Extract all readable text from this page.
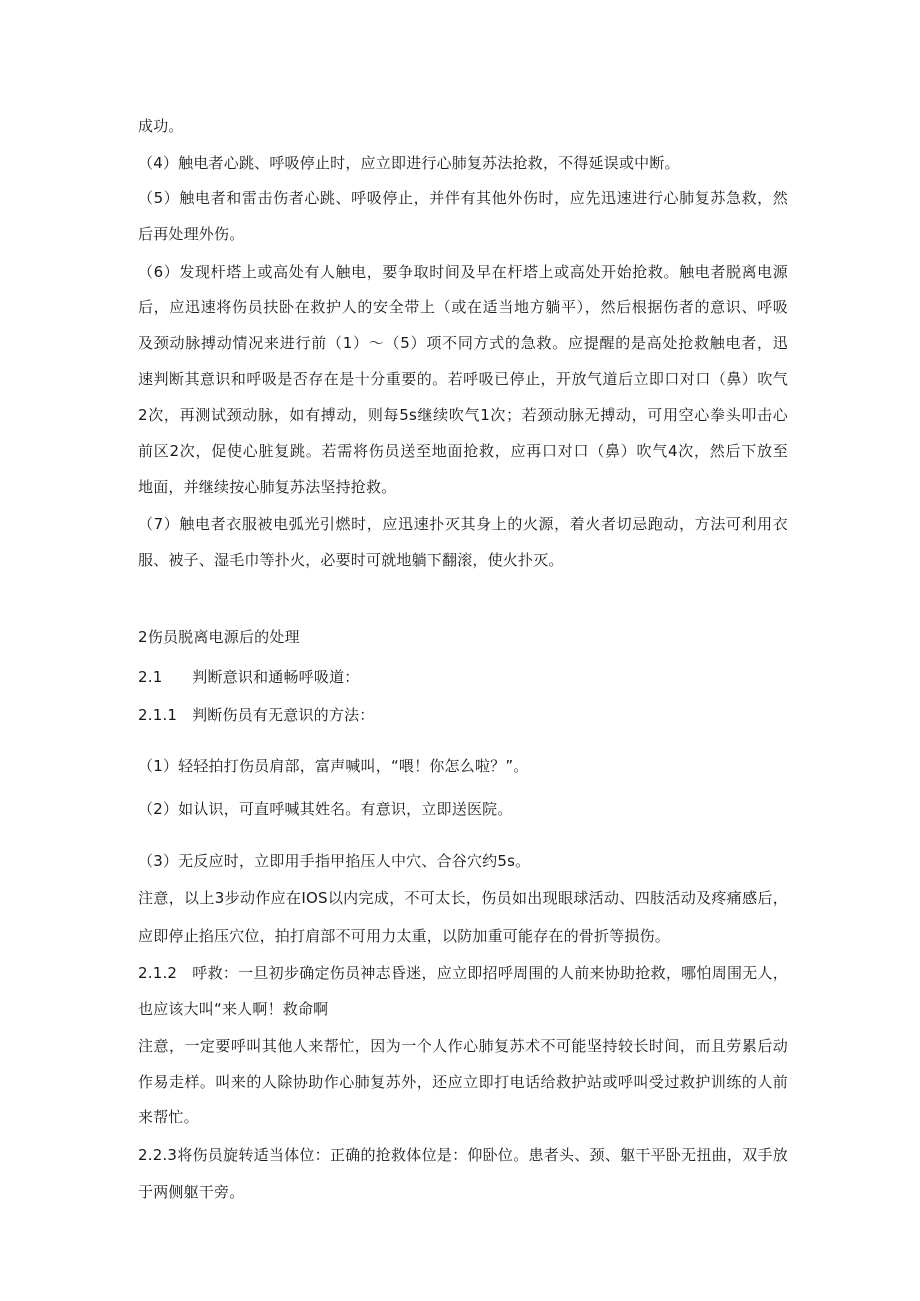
成功。
（4）触电者心跳、呼吸停止时，应立即进行心肺复苏法抢救，不得延误或中断。
（5）触电者和雷击伤者心跳、呼吸停止，并伴有其他外伤时，应先迅速进行心肺复苏急救，然
后再处理外伤。
（6）发现杆塔上或高处有人触电，要争取时间及早在杆塔上或高处开始抢救。触电者脱离电源
后，应迅速将伤员扶卧在救护人的安全带上（或在适当地方躺平），然后根据伤者的意识、呼吸
及颈动脉搏动情况来进行前（1）～（5）项不同方式的急救。应提醒的是高处抢救触电者，迅
速判断其意识和呼吸是否存在是十分重要的。若呼吸已停止，开放气道后立即口对口（鼻）吹气
2次，再测试颈动脉，如有搏动，则每5s继续吹气1次；若颈动脉无搏动，可用空心拳头叩击心
前区2次，促使心脏复跳。若需将伤员送至地面抢救，应再口对口（鼻）吹气4次，然后下放至
地面，并继续按心肺复苏法坚持抢救。
（7）触电者衣服被电弧光引燃时，应迅速扑灭其身上的火源，着火者切忌跑动，方法可利用衣
服、被子、湿毛巾等扑火，必要时可就地躺下翻滚，使火扑灭。
2伤员脱离电源后的处理
2.1      判断意识和通畅呼吸道：
2.1.1   判断伤员有无意识的方法：
（1）轻轻拍打伤员肩部，富声喊叫，“喂！你怎么啦？”。
（2）如认识，可直呼喊其姓名。有意识，立即送医院。
（3）无反应时，立即用手指甲掐压人中穴、合谷穴约5s。
注意，以上3步动作应在IOS以内完成，不可太长，伤员如出现眼球活动、四肢活动及疼痛感后，
应即停止掐压穴位，拍打肩部不可用力太重，以防加重可能存在的骨折等损伤。
2.1.2   呼救：一旦初步确定伤员神志昏迷，应立即招呼周围的人前来协助抢救，哪怕周围无人，
也应该大叫“来人啊！救命啊
注意，一定要呼叫其他人来帮忙，因为一个人作心肺复苏术不可能坚持较长时间，而且劳累后动
作易走样。叫来的人除协助作心肺复苏外，还应立即打电话给救护站或呼叫受过救护训练的人前
来帮忙。
2.2.3将伤员旋转适当体位：正确的抢救体位是：仰卧位。患者头、颈、躯干平卧无扭曲，双手放
于两侧躯干旁。
